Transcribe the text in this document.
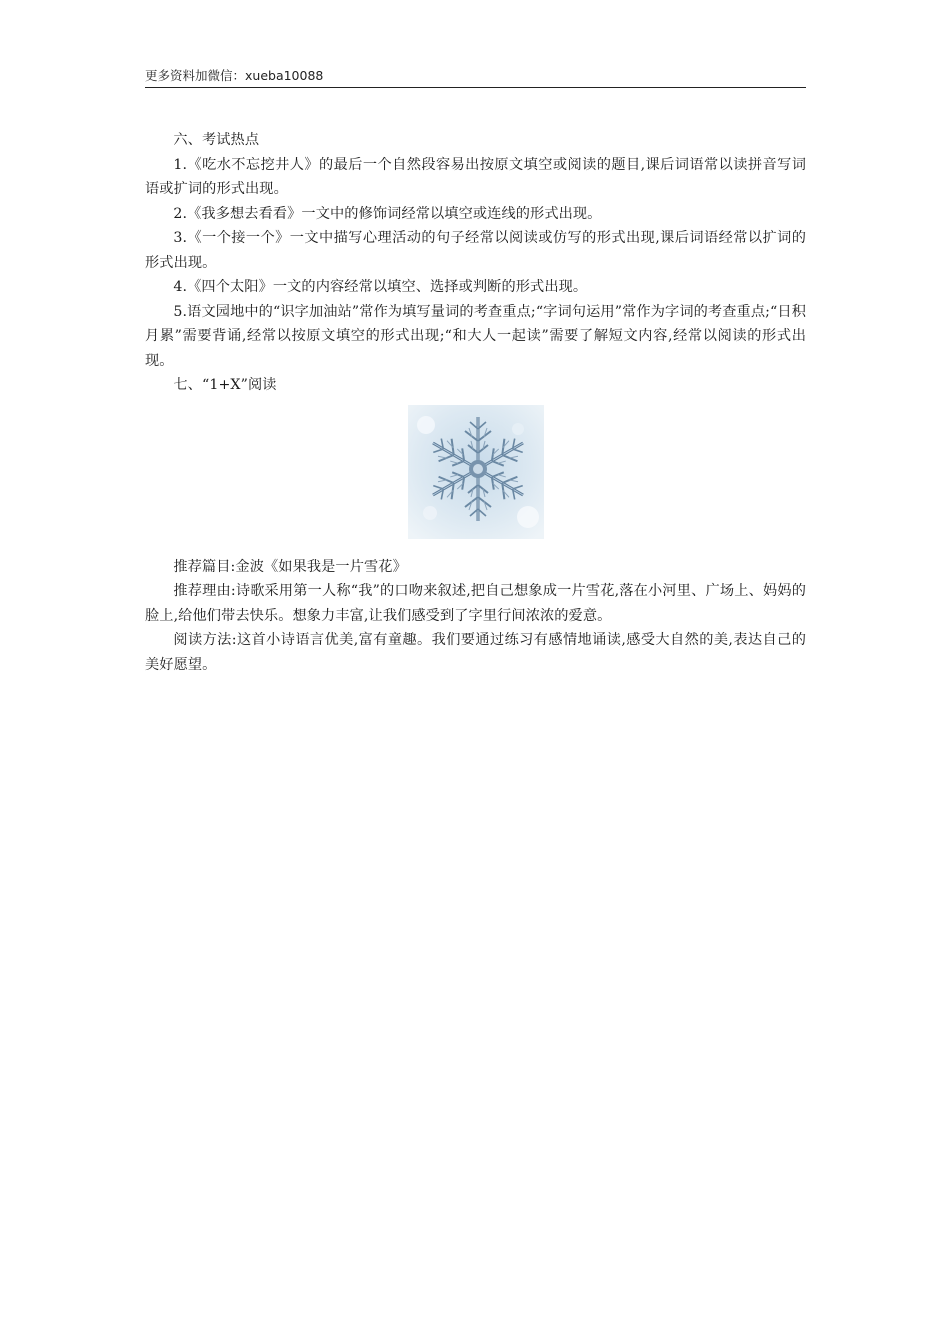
更多资料加微信：xueba10088

六、考试热点

1.《吃水不忘挖井人》的最后一个自然段容易出按原文填空或阅读的题目,课后词语常以读拼音写词语或扩词的形式出现。

2.《我多想去看看》一文中的修饰词经常以填空或连线的形式出现。

3.《一个接一个》一文中描写心理活动的句子经常以阅读或仿写的形式出现,课后词语经常以扩词的形式出现。

4.《四个太阳》一文的内容经常以填空、选择或判断的形式出现。

5.语文园地中的“识字加油站”常作为填写量词的考查重点;“字词句运用”常作为字词的考查重点;“日积月累”需要背诵,经常以按原文填空的形式出现;“和大人一起读”需要了解短文内容,经常以阅读的形式出现。

七、“1+X”阅读

推荐篇目:金波《如果我是一片雪花》

推荐理由:诗歌采用第一人称“我”的口吻来叙述,把自己想象成一片雪花,落在小河里、广场上、妈妈的脸上,给他们带去快乐。想象力丰富,让我们感受到了字里行间浓浓的爱意。

阅读方法:这首小诗语言优美,富有童趣。我们要通过练习有感情地诵读,感受大自然的美,表达自己的美好愿望。
